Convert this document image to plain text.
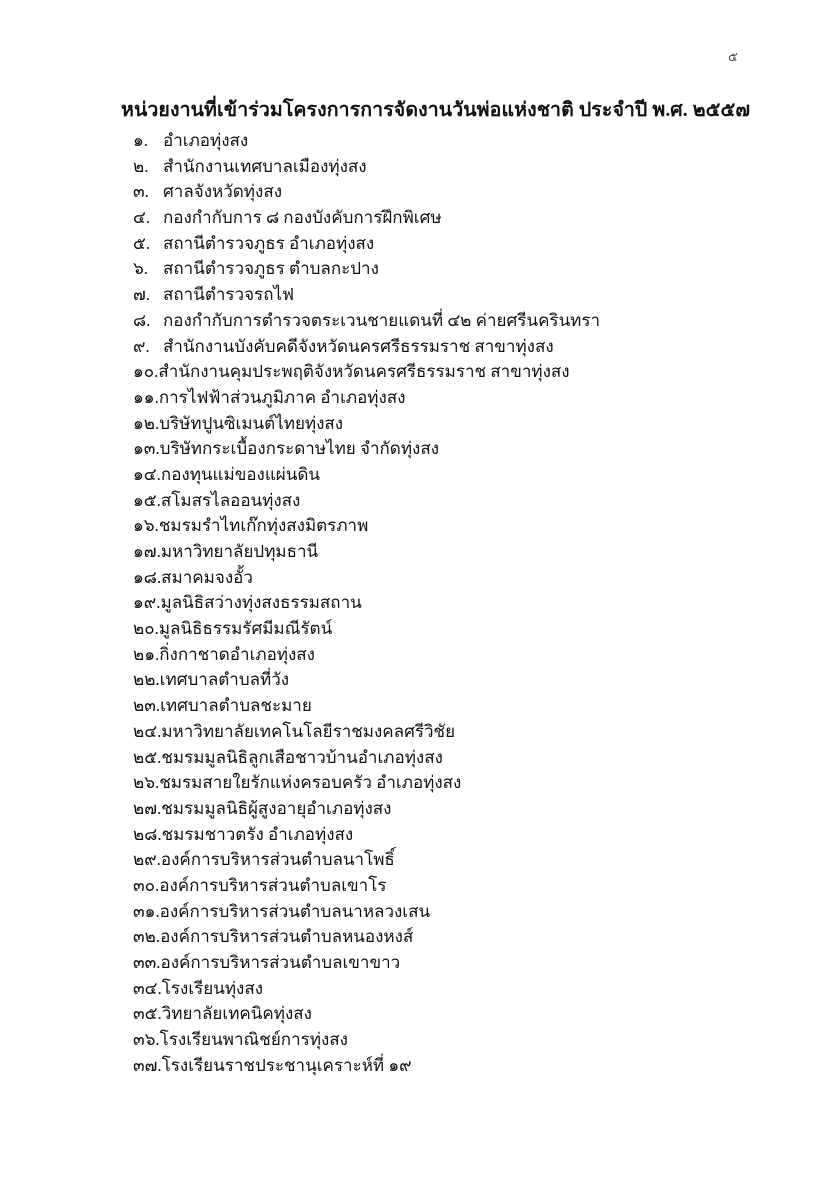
๕
หน่วยงานที่เข้าร่วมโครงการการจัดงานวันพ่อแห่งชาติ ประจำปี พ.ศ. ๒๕๕๗
๑. อำเภอทุ่งสง
๒. สำนักงานเทศบาลเมืองทุ่งสง
๓. ศาลจังหวัดทุ่งสง
๔. กองกำกับการ ๘ กองบังคับการฝึกพิเศษ
๕. สถานีตำรวจภูธร อำเภอทุ่งสง
๖. สถานีตำรวจภูธร ตำบลกะปาง
๗. สถานีตำรวจรถไฟ
๘. กองกำกับการตำรวจตระเวนชายแดนที่ ๔๒ ค่ายศรีนครินทรา
๙. สำนักงานบังคับคดีจังหวัดนครศรีธรรมราช สาขาทุ่งสง
๑๐.สำนักงานคุมประพฤติจังหวัดนครศรีธรรมราช สาขาทุ่งสง
๑๑.การไฟฟ้าส่วนภูมิภาค อำเภอทุ่งสง
๑๒.บริษัทปูนซิเมนต์ไทยทุ่งสง
๑๓.บริษัทกระเบื้องกระดาษไทย จำกัดทุ่งสง
๑๔.กองทุนแม่ของแผ่นดิน
๑๕.สโมสรไลออนทุ่งสง
๑๖.ชมรมรำไทเก๊กทุ่งสงมิตรภาพ
๑๗.มหาวิทยาลัยปทุมธานี
๑๘.สมาคมจงอั้ว
๑๙.มูลนิธิสว่างทุ่งสงธรรมสถาน
๒๐.มูลนิธิธรรมรัศมีมณีรัตน์
๒๑.กิ่งกาชาดอำเภอทุ่งสง
๒๒.เทศบาลตำบลที่วัง
๒๓.เทศบาลตำบลชะมาย
๒๔.มหาวิทยาลัยเทคโนโลยีราชมงคลศรีวิชัย
๒๕.ชมรมมูลนิธิลูกเสือชาวบ้านอำเภอทุ่งสง
๒๖.ชมรมสายใยรักแห่งครอบครัว อำเภอทุ่งสง
๒๗.ชมรมมูลนิธิผู้สูงอายุอำเภอทุ่งสง
๒๘.ชมรมชาวตรัง อำเภอทุ่งสง
๒๙.องค์การบริหารส่วนตำบลนาโพธิ์
๓๐.องค์การบริหารส่วนตำบลเขาโร
๓๑.องค์การบริหารส่วนตำบลนาหลวงเสน
๓๒.องค์การบริหารส่วนตำบลหนองหงส์
๓๓.องค์การบริหารส่วนตำบลเขาขาว
๓๔.โรงเรียนทุ่งสง
๓๕.วิทยาลัยเทคนิคทุ่งสง
๓๖.โรงเรียนพาณิชย์การทุ่งสง
๓๗.โรงเรียนราชประชานุเคราะห์ที่ ๑๙
